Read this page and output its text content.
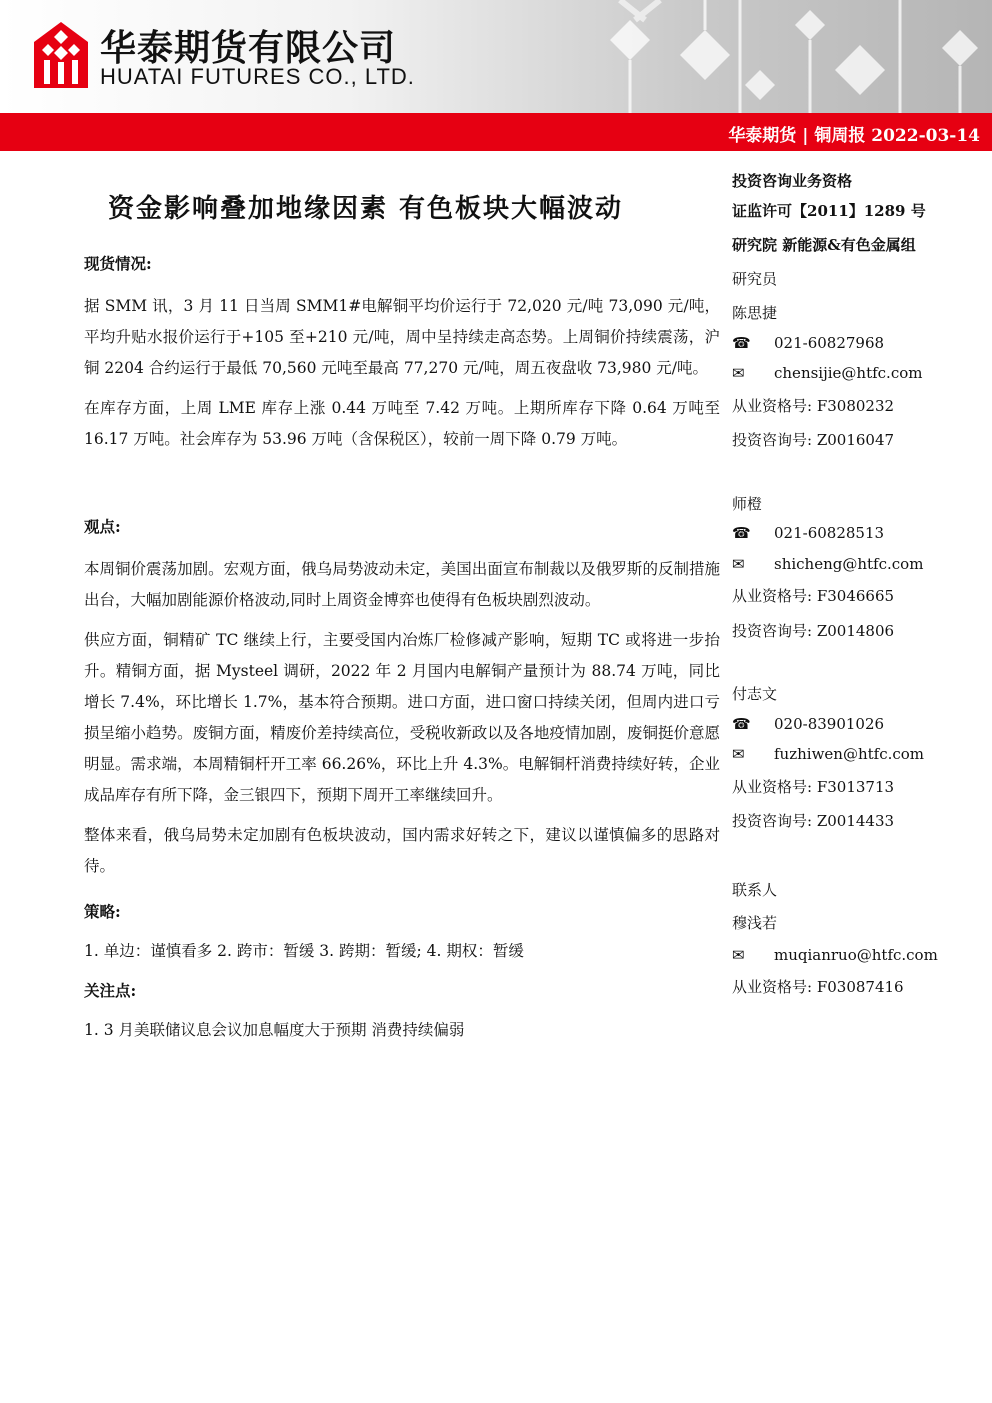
华泰期货有限公司
HUATAI FUTURES CO., LTD.
华泰期货 | 铜周报 2022-03-14
资金影响叠加地缘因素 有色板块大幅波动

现货情况:

据 SMM 讯，3 月 11 日当周 SMM1#电解铜平均价运行于 72,020 元/吨 73,090 元/吨，平均升贴水报价运行于+105 至+210 元/吨，周中呈持续走高态势。上周铜价持续震荡，沪铜 2204 合约运行于最低 70,560 元吨至最高 77,270 元/吨，周五夜盘收 73,980 元/吨。

在库存方面，上周 LME 库存上涨 0.44 万吨至 7.42 万吨。上期所库存下降 0.64 万吨至 16.17 万吨。社会库存为 53.96 万吨（含保税区），较前一周下降 0.79 万吨。

观点:

本周铜价震荡加剧。宏观方面，俄乌局势波动未定，美国出面宣布制裁以及俄罗斯的反制措施出台，大幅加剧能源价格波动,同时上周资金博弈也使得有色板块剧烈波动。

供应方面，铜精矿 TC 继续上行，主要受国内冶炼厂检修减产影响，短期 TC 或将进一步抬升。精铜方面，据 Mysteel 调研，2022 年 2 月国内电解铜产量预计为 88.74 万吨，同比增长 7.4%，环比增长 1.7%，基本符合预期。进口方面，进口窗口持续关闭，但周内进口亏损呈缩小趋势。废铜方面，精废价差持续高位，受税收新政以及各地疫情加剧，废铜挺价意愿明显。需求端，本周精铜杆开工率 66.26%，环比上升 4.3%。电解铜杆消费持续好转，企业成品库存有所下降，金三银四下，预期下周开工率继续回升。

整体来看，俄乌局势未定加剧有色板块波动，国内需求好转之下，建议以谨慎偏多的思路对待。

策略:

1. 单边：谨慎看多 2. 跨市：暂缓 3. 跨期：暂缓; 4. 期权：暂缓

关注点:

1. 3 月美联储议息会议加息幅度大于预期 消费持续偏弱

投资咨询业务资格
证监许可【2011】1289 号
研究院 新能源&有色金属组
研究员
陈思捷
☎ 021-60827968
✉ chensijie@htfc.com
从业资格号: F3080232
投资咨询号: Z0016047
师橙
☎ 021-60828513
✉ shicheng@htfc.com
从业资格号: F3046665
投资咨询号: Z0014806
付志文
☎ 020-83901026
✉ fuzhiwen@htfc.com
从业资格号: F3013713
投资咨询号: Z0014433
联系人
穆浅若
✉ muqianruo@htfc.com
从业资格号: F03087416
